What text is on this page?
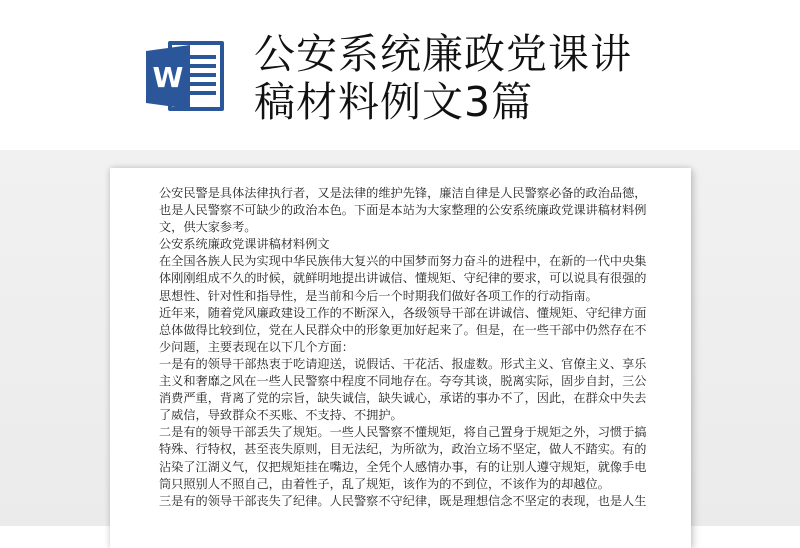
W 公安系统廉政党课讲
稿材料例文3篇
公安民警是具体法律执行者，又是法律的维护先锋，廉洁自律是人民警察必备的政治品德，
也是人民警察不可缺少的政治本色。下面是本站为大家整理的公安系统廉政党课讲稿材料例
文，供大家参考。
公安系统廉政党课讲稿材料例文
在全国各族人民为实现中华民族伟大复兴的中国梦而努力奋斗的进程中，在新的一代中央集
体刚刚组成不久的时候，就鲜明地提出讲诚信、懂规矩、守纪律的要求，可以说具有很强的
思想性、针对性和指导性，是当前和今后一个时期我们做好各项工作的行动指南。
近年来，随着党风廉政建设工作的不断深入，各级领导干部在讲诚信、懂规矩、守纪律方面
总体做得比较到位，党在人民群众中的形象更加好起来了。但是，在一些干部中仍然存在不
少问题，主要表现在以下几个方面：
一是有的领导干部热衷于吃请迎送，说假话、干花活、报虚数。形式主义、官僚主义、享乐
主义和奢靡之风在一些人民警察中程度不同地存在。夸夸其谈，脱离实际，固步自封，三公
消费严重，背离了党的宗旨，缺失诚信，缺失诚心，承诺的事办不了，因此，在群众中失去
了威信，导致群众不买账、不支持、不拥护。
二是有的领导干部丢失了规矩。一些人民警察不懂规矩，将自己置身于规矩之外，习惯于搞
特殊、行特权，甚至丧失原则，目无法纪，为所欲为，政治立场不坚定，做人不踏实。有的
沾染了江湖义气，仅把规矩挂在嘴边，全凭个人感情办事，有的让别人遵守规矩，就像手电
筒只照别人不照自己，由着性子，乱了规矩，该作为的不到位，不该作为的却越位。
三是有的领导干部丧失了纪律。人民警察不守纪律，既是理想信念不坚定的表现，也是人生
